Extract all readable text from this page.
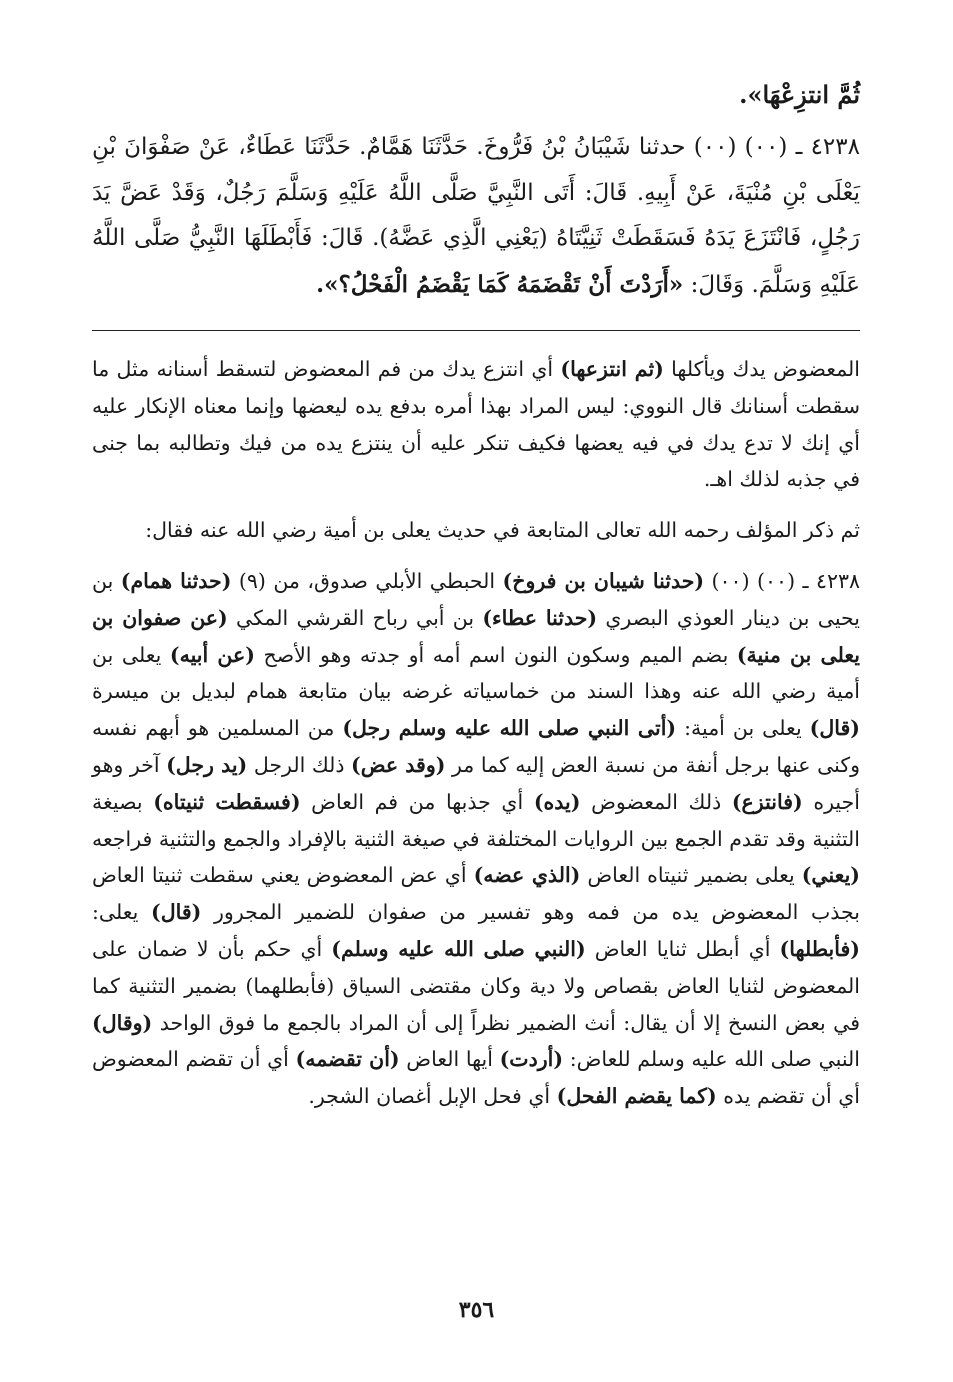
ثُمَّ انتزِعْهَا».

٤٢٣٨ ـ (٠٠) (٠٠) حدثنا شَيْبَانُ بْنُ فَرُّوخَ. حَدَّثَنَا هَمَّامٌ. حَدَّثَنَا عَطَاءٌ، عَنْ صَفْوَانَ بْنِ يَعْلَى بْنِ مُنْيَةَ، عَنْ أَبِيهِ. قَالَ: أَتَى النَّبِيَّ صَلَّى اللَّهُ عَلَيْهِ وَسَلَّمَ رَجُلٌ، وَقَدْ عَضَّ يَدَ رَجُلٍ، فَانْتَزَعَ يَدَهُ فَسَقَطَتْ ثَنِيَّتَاهُ (يَعْنِي الَّذِي عَضَّهُ). قَالَ: فَأَبْطَلَهَا النَّبِيُّ صَلَّى اللَّهُ عَلَيْهِ وَسَلَّمَ. وَقَالَ: «أَرَدْتَ أَنْ تَقْضَمَهُ كَمَا يَقْضَمُ الْفَحْلُ؟».

المعضوض يدك ويأكلها (ثم انتزعها) أي انتزع يدك من فم المعضوض لتسقط أسنانه مثل ما سقطت أسنانك قال النووي: ليس المراد بهذا أمره بدفع يده ليعضها وإنما معناه الإنكار عليه أي إنك لا تدع يدك في فيه يعضها فكيف تنكر عليه أن ينتزع يده من فيك وتطالبه بما جنى في جذبه لذلك اهـ.

ثم ذكر المؤلف رحمه الله تعالى المتابعة في حديث يعلى بن أمية رضي الله عنه فقال:

٤٢٣٨ ـ (٠٠) (٠٠) (حدثنا شيبان بن فروخ) الحبطي الأبلي صدوق، من (٩) (حدثنا همام) بن يحيى بن دينار العوذي البصري (حدثنا عطاء) بن أبي رباح القرشي المكي (عن صفوان بن يعلى بن منية) بضم الميم وسكون النون اسم أمه أو جدته وهو الأصح (عن أبيه) يعلى بن أمية رضي الله عنه وهذا السند من خماسياته غرضه بيان متابعة همام لبديل بن ميسرة (قال) يعلى بن أمية: (أتى النبي صلى الله عليه وسلم رجل) من المسلمين هو أبهم نفسه وكنى عنها برجل أنفة من نسبة العض إليه كما مر (وقد عض) ذلك الرجل (يد رجل) آخر وهو أجيره (فانتزع) ذلك المعضوض (يده) أي جذبها من فم العاض (فسقطت ثنيتاه) بصيغة التثنية وقد تقدم الجمع بين الروايات المختلفة في صيغة الثنية بالإفراد والجمع والتثنية فراجعه (يعني) يعلى بضمير ثنيتاه العاض (الذي عضه) أي عض المعضوض يعني سقطت ثنيتا العاض بجذب المعضوض يده من فمه وهو تفسير من صفوان للضمير المجرور (قال) يعلى: (فأبطلها) أي أبطل ثنايا العاض (النبي صلى الله عليه وسلم) أي حكم بأن لا ضمان على المعضوض لثنايا العاض بقصاص ولا دية وكان مقتضى السياق (فأبطلهما) بضمير التثنية كما في بعض النسخ إلا أن يقال: أنث الضمير نظراً إلى أن المراد بالجمع ما فوق الواحد (وقال) النبي صلى الله عليه وسلم للعاض: (أردت) أيها العاض (أن تقضمه) أي أن تقضم المعضوض أي أن تقضم يده (كما يقضم الفحل) أي فحل الإبل أغصان الشجر.

٣٥٦
